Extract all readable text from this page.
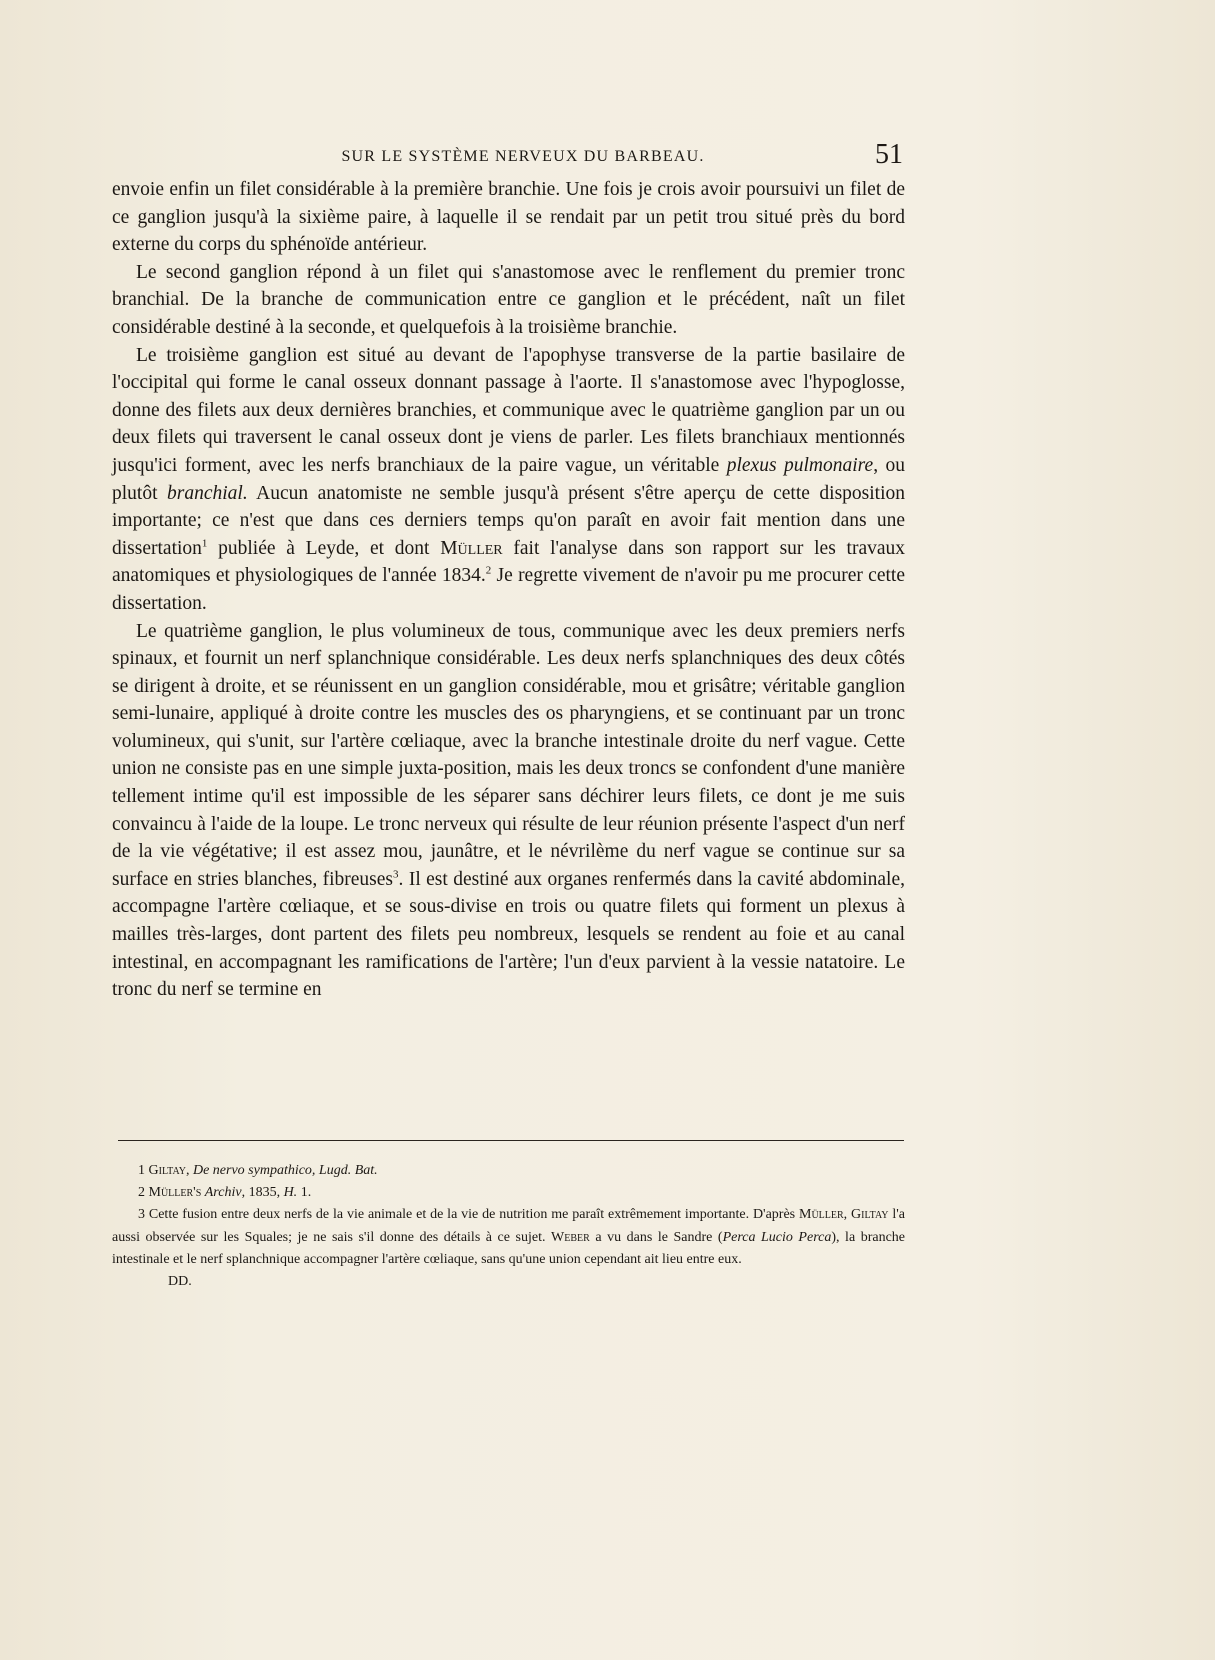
SUR LE SYSTÈME NERVEUX DU BARBEAU.	51

envoie enfin un filet considérable à la première branchie. Une fois je crois avoir poursuivi un filet de ce ganglion jusqu'à la sixième paire, à laquelle il se rendait par un petit trou situé près du bord externe du corps du sphénoïde antérieur.

Le second ganglion répond à un filet qui s'anastomose avec le renflement du premier tronc branchial. De la branche de communication entre ce ganglion et le précédent, naît un filet considérable destiné à la seconde, et quelquefois à la troisième branchie.

Le troisième ganglion est situé au devant de l'apophyse transverse de la partie basilaire de l'occipital qui forme le canal osseux donnant passage à l'aorte. Il s'anastomose avec l'hypoglosse, donne des filets aux deux dernières branchies, et communique avec le quatrième ganglion par un ou deux filets qui traversent le canal osseux dont je viens de parler. Les filets branchiaux mentionnés jusqu'ici forment, avec les nerfs branchiaux de la paire vague, un véritable plexus pulmonaire, ou plutôt branchial. Aucun anatomiste ne semble jusqu'à présent s'être aperçu de cette disposition importante; ce n'est que dans ces derniers temps qu'on paraît en avoir fait mention dans une dissertation$^1$ publiée à Leyde, et dont Müller fait l'analyse dans son rapport sur les travaux anatomiques et physiologiques de l'année 1834.$^2$ Je regrette vivement de n'avoir pu me procurer cette dissertation.

Le quatrième ganglion, le plus volumineux de tous, communique avec les deux premiers nerfs spinaux, et fournit un nerf splanchnique considérable. Les deux nerfs splanchniques des deux côtés se dirigent à droite, et se réunissent en un ganglion considérable, mou et grisâtre; véritable ganglion semi-lunaire, appliqué à droite contre les muscles des os pharyngiens, et se continuant par un tronc volumineux, qui s'unit, sur l'artère cœliaque, avec la branche intestinale droite du nerf vague. Cette union ne consiste pas en une simple juxta-position, mais les deux troncs se confondent d'une manière tellement intime qu'il est impossible de les séparer sans déchirer leurs filets, ce dont je me suis convaincu à l'aide de la loupe. Le tronc nerveux qui résulte de leur réunion présente l'aspect d'un nerf de la vie végétative; il est assez mou, jaunâtre, et le névrilème du nerf vague se continue sur sa surface en stries blanches, fibreuses$^3$. Il est destiné aux organes renfermés dans la cavité abdominale, accompagne l'artère cœliaque, et se sous-divise en trois ou quatre filets qui forment un plexus à mailles très-larges, dont partent des filets peu nombreux, lesquels se rendent au foie et au canal intestinal, en accompagnant les ramifications de l'artère; l'un d'eux parvient à la vessie natatoire. Le tronc du nerf se termine en

1 Giltay, De nervo sympathico, Lugd. Bat.

2 Müller's Archiv, 1835, H. 1.

3 Cette fusion entre deux nerfs de la vie animale et de la vie de nutrition me paraît extrêmement importante. D'après Müller, Giltay l'a aussi observée sur les Squales; je ne sais s'il donne des détails à ce sujet. Weber a vu dans le Sandre (Perca Lucio Perca), la branche intestinale et le nerf splanchnique accompagner l'artère cœliaque, sans qu'une union cependant ait lieu entre eux.

DD.
